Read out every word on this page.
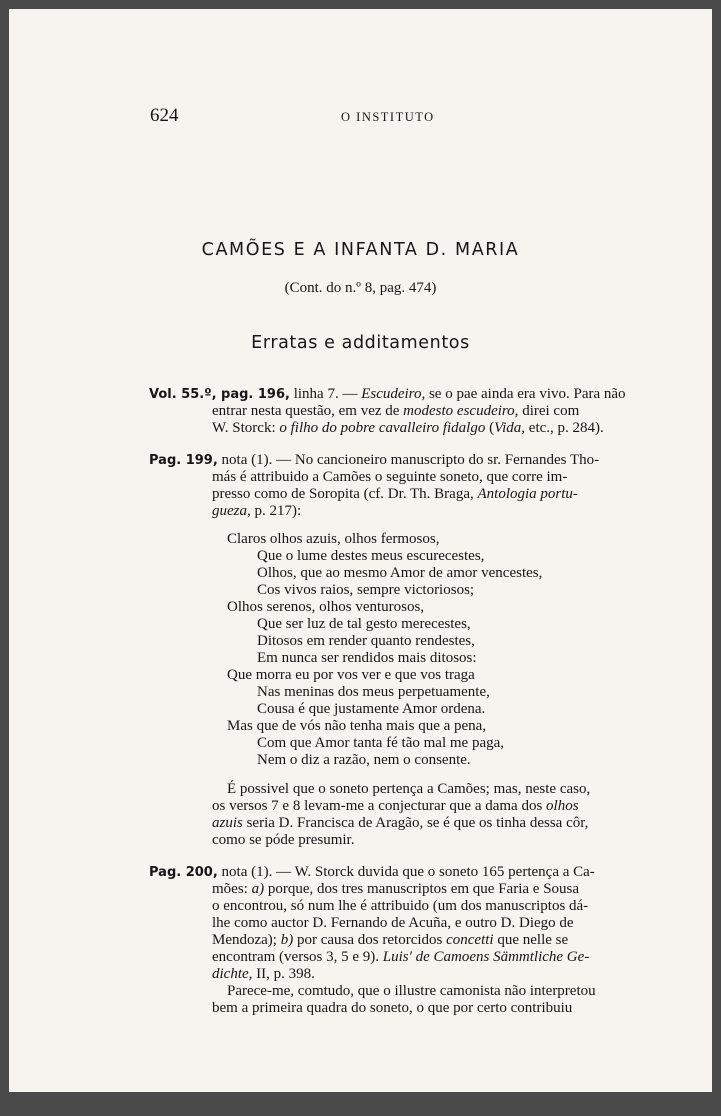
624	O INSTITUTO
CAMÕES E A INFANTA D. MARIA
(Cont. do n.º 8, pag. 474)
Erratas e additamentos
Vol. 55.º, pag. 196, linha 7. — Escudeiro, se o pae ainda era vivo. Para não
entrar nesta questão, em vez de modesto escudeiro, direi com
W. Storck: o filho do pobre cavalleiro fidalgo (Vida, etc., p. 284).
Pag. 199, nota (1). — No cancioneiro manuscripto do sr. Fernandes Tho-
más é attribuido a Camões o seguinte soneto, que corre im-
presso como de Soropita (cf. Dr. Th. Braga, Antologia portu-
gueza, p. 217):
Claros olhos azuis, olhos fermosos,
Que o lume destes meus escurecestes,
Olhos, que ao mesmo Amor de amor vencestes,
Cos vivos raios, sempre victoriosos;
Olhos serenos, olhos venturosos,
Que ser luz de tal gesto merecestes,
Ditosos em render quanto rendestes,
Em nunca ser rendidos mais ditosos:
Que morra eu por vos ver e que vos traga
Nas meninas dos meus perpetuamente,
Cousa é que justamente Amor ordena.
Mas que de vós não tenha mais que a pena,
Com que Amor tanta fé tão mal me paga,
Nem o diz a razão, nem o consente.
É possivel que o soneto pertença a Camões; mas, neste caso,
os versos 7 e 8 levam-me a conjecturar que a dama dos olhos
azuis seria D. Francisca de Aragão, se é que os tinha dessa côr,
como se póde presumir.
Pag. 200, nota (1). — W. Storck duvida que o soneto 165 pertença a Ca-
mões: a) porque, dos tres manuscriptos em que Faria e Sousa
o encontrou, só num lhe é attribuido (um dos manuscriptos dá-
lhe como auctor D. Fernando de Acuña, e outro D. Diego de
Mendoza); b) por causa dos retorcidos concetti que nelle se
encontram (versos 3, 5 e 9). Luis' de Camoens Sämmtliche Ge-
dichte, II, p. 398.
Parece-me, comtudo, que o illustre camonista não interpretou
bem a primeira quadra do soneto, o que por certo contribuiu
